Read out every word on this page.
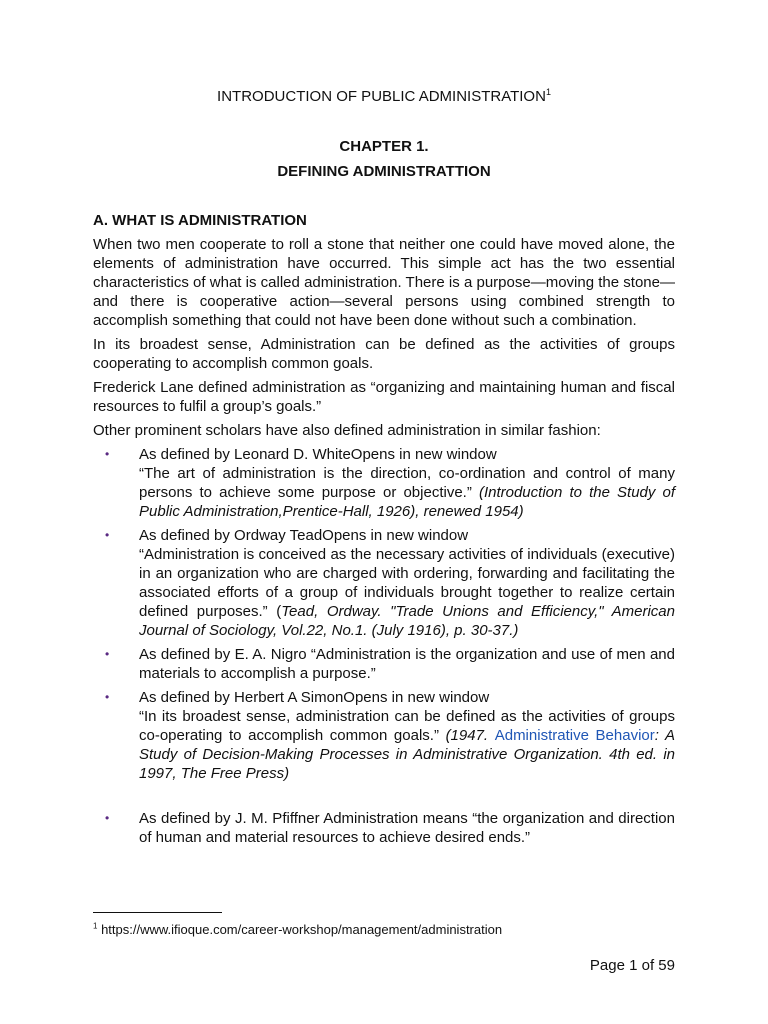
INTRODUCTION OF PUBLIC ADMINISTRATION$^1$
CHAPTER 1.
DEFINING ADMINISTRATTION
A. WHAT IS ADMINISTRATION

When two men cooperate to roll a stone that neither one could have moved alone, the elements of administration have occurred. This simple act has the two essential characteristics of what is called administration. There is a purpose—moving the stone—and there is cooperative action—several persons using combined strength to accomplish something that could not have been done without such a combination.

In its broadest sense, Administration can be defined as the activities of groups cooperating to accomplish common goals.

Frederick Lane defined administration as “organizing and maintaining human and fiscal resources to fulfil a group’s goals.”

Other prominent scholars have also defined administration in similar fashion:

• As defined by Leonard D. WhiteOpens in new window
“The art of administration is the direction, co-ordination and control of many persons to achieve some purpose or objective.” (Introduction to the Study of Public Administration,Prentice-Hall, 1926), renewed 1954)
• As defined by Ordway TeadOpens in new window
“Administration is conceived as the necessary activities of individuals (executive) in an organization who are charged with ordering, forwarding and facilitating the associated efforts of a group of individuals brought together to realize certain defined purposes.” (Tead, Ordway. "Trade Unions and Efficiency," American Journal of Sociology, Vol.22, No.1. (July 1916), p. 30-37.)
• As defined by E. A. Nigro “Administration is the organization and use of men and materials to accomplish a purpose.”
• As defined by Herbert A SimonOpens in new window
“In its broadest sense, administration can be defined as the activities of groups co-operating to accomplish common goals.” (1947. Administrative Behavior: A Study of Decision-Making Processes in Administrative Organization. 4th ed. in 1997, The Free Press)
• As defined by J. M. Pfiffner Administration means “the organization and direction of human and material resources to achieve desired ends.”
$^1$ https://www.ifioque.com/career-workshop/management/administration
Page 1 of 59
